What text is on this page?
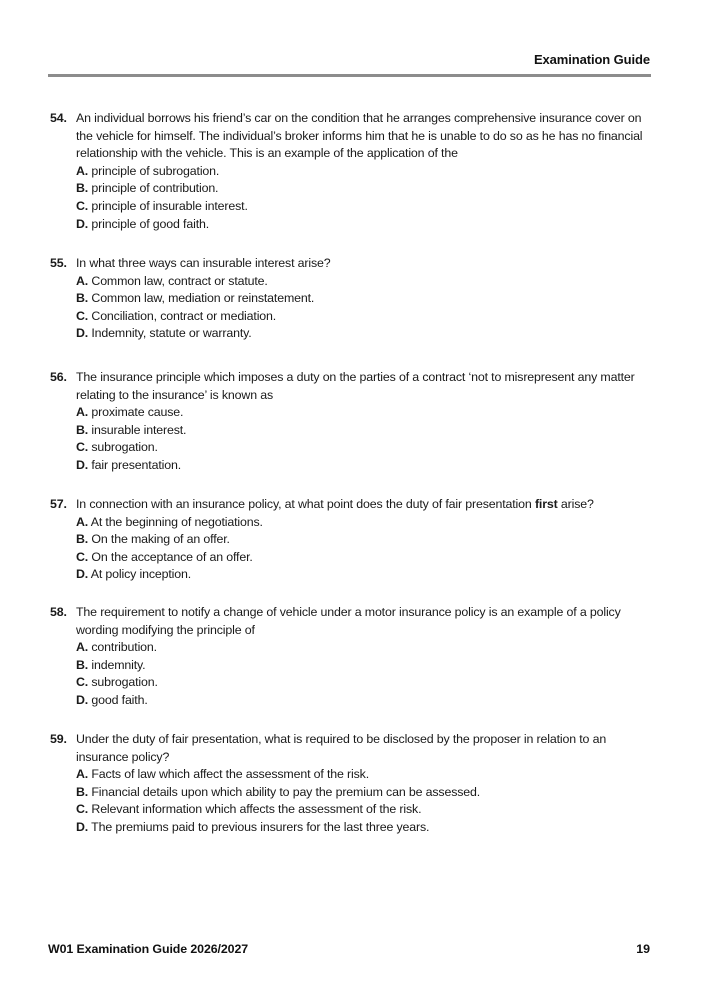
Examination Guide
54. An individual borrows his friend’s car on the condition that he arranges comprehensive insurance cover on the vehicle for himself. The individual’s broker informs him that he is unable to do so as he has no financial relationship with the vehicle. This is an example of the application of the
A. principle of subrogation.
B. principle of contribution.
C. principle of insurable interest.
D. principle of good faith.
55. In what three ways can insurable interest arise?
A. Common law, contract or statute.
B. Common law, mediation or reinstatement.
C. Conciliation, contract or mediation.
D. Indemnity, statute or warranty.
56. The insurance principle which imposes a duty on the parties of a contract ‘not to misrepresent any matter relating to the insurance’ is known as
A. proximate cause.
B. insurable interest.
C. subrogation.
D. fair presentation.
57. In connection with an insurance policy, at what point does the duty of fair presentation first arise?
A. At the beginning of negotiations.
B. On the making of an offer.
C. On the acceptance of an offer.
D. At policy inception.
58. The requirement to notify a change of vehicle under a motor insurance policy is an example of a policy wording modifying the principle of
A. contribution.
B. indemnity.
C. subrogation.
D. good faith.
59. Under the duty of fair presentation, what is required to be disclosed by the proposer in relation to an insurance policy?
A. Facts of law which affect the assessment of the risk.
B. Financial details upon which ability to pay the premium can be assessed.
C. Relevant information which affects the assessment of the risk.
D. The premiums paid to previous insurers for the last three years.
W01 Examination Guide 2026/2027	19
